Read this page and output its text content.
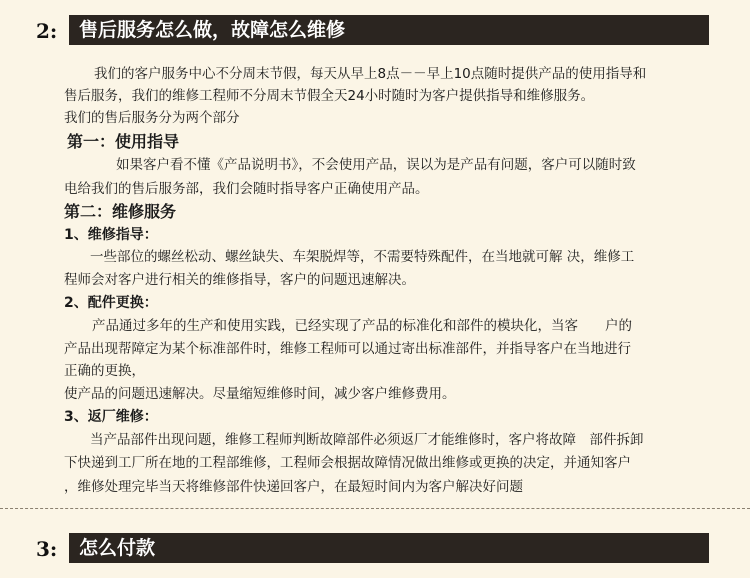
2:	售后服务怎么做，故障怎么维修
我们的客户服务中心不分周末节假，每天从早上8点－－早上10点随时提供产品的使用指导和
售后服务，我们的维修工程师不分周末节假全天24小时随时为客户提供指导和维修服务。
我们的售后服务分为两个部分
第一：使用指导
如果客户看不懂《产品说明书》，不会使用产品，误以为是产品有问题，客户可以随时致
电给我们的售后服务部，我们会随时指导客户正确使用产品。
第二：维修服务
1、维修指导：
一些部位的螺丝松动、螺丝缺失、车架脱焊等，不需要特殊配件，在当地就可解 决，维修工
程师会对客户进行相关的维修指导，客户的问题迅速解决。
2、配件更换：
产品通过多年的生产和使用实践，已经实现了产品的标准化和部件的模块化，当客　　户的
产品出现帮障定为某个标准部件时，维修工程师可以通过寄出标准部件，并指导客户在当地进行
正确的更换，
使产品的问题迅速解决。尽量缩短维修时间，减少客户维修费用。
3、返厂维修：
当产品部件出现问题，维修工程师判断故障部件必须返厂才能维修时，客户将故障　部件拆卸
下快递到工厂所在地的工程部维修，工程师会根据故障情况做出维修或更换的决定，并通知客户
，维修处理完毕当天将维修部件快递回客户，在最短时间内为客户解决好问题
3:	怎么付款
